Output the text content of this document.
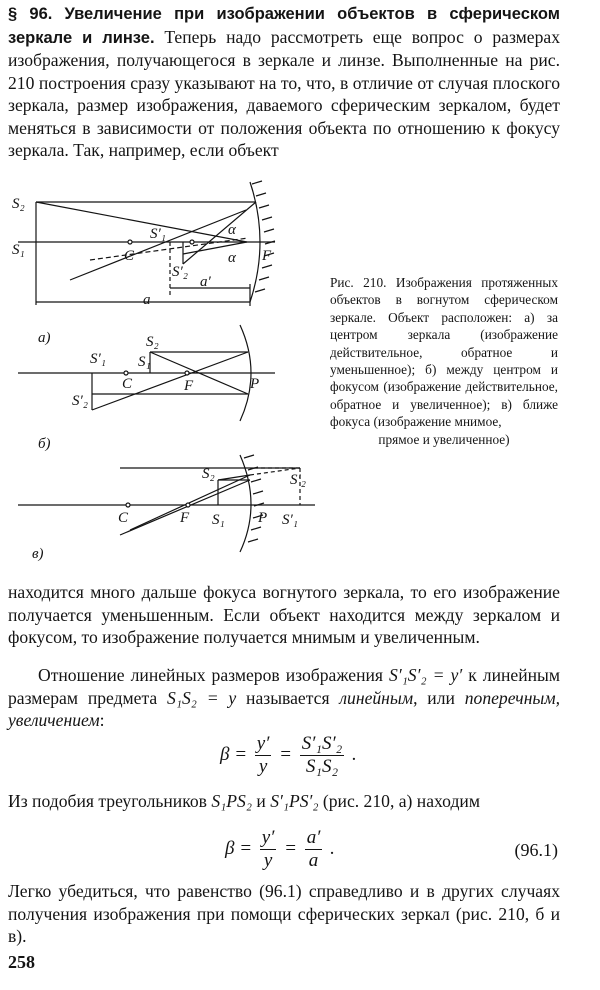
§ 96. Увеличение при изображении объектов в сферическом зеркале и линзе. Теперь надо рассмотреть еще вопрос о размерах изображения, получающегося в зеркале и линзе. Выполненные на рис. 210 построения сразу указывают на то, что, в отличие от случая плоского зеркала, размер изображения, даваемого сферическим зеркалом, будет меняться в зависимости от положения объекта по отношению к фокусу зеркала. Так, например, если объект

S₂
S₁	C
S′₁
S′₂
α
α F
a
a′
а)	S₂
S₁
S′₁
C	F	P
S′₂
б)
S₂	S′₂
C	F S₁ P S′₁
в)

Рис. 210. Изображения протяженных объектов в вогнутом сферическом зеркале. Объект расположен: а) за центром зеркала (изображение действительное, обратное и уменьшенное); б) между центром и фокусом (изображение действительное, обратное и увеличенное); в) ближе фокуса (изображение мнимое,
прямое и увеличенное)

находится много дальше фокуса вогнутого зеркала, то его изображение получается уменьшенным. Если объект находится между зеркалом и фокусом, то изображение получается мнимым и увеличенным.

Отношение линейных размеров изображения S′₁S′₂ = y′ к линейным размерам предмета S₁S₂ = y называется линейным, или поперечным, увеличением:

$\beta = \frac{y'}{y} = \frac{\text{S′₁S′₂}}{\text{S₁S₂}}$ .

Из подобия треугольников S₁PS₂ и S′₁PS′₂ (рис. 210, а) находим

$\beta = \frac{y'}{y} = \frac{a'}{a}$ .	(96.1)

Легко убедиться, что равенство (96.1) справедливо и в других случаях получения изображения при помощи сферических зеркал (рис. 210, б и в).

258
